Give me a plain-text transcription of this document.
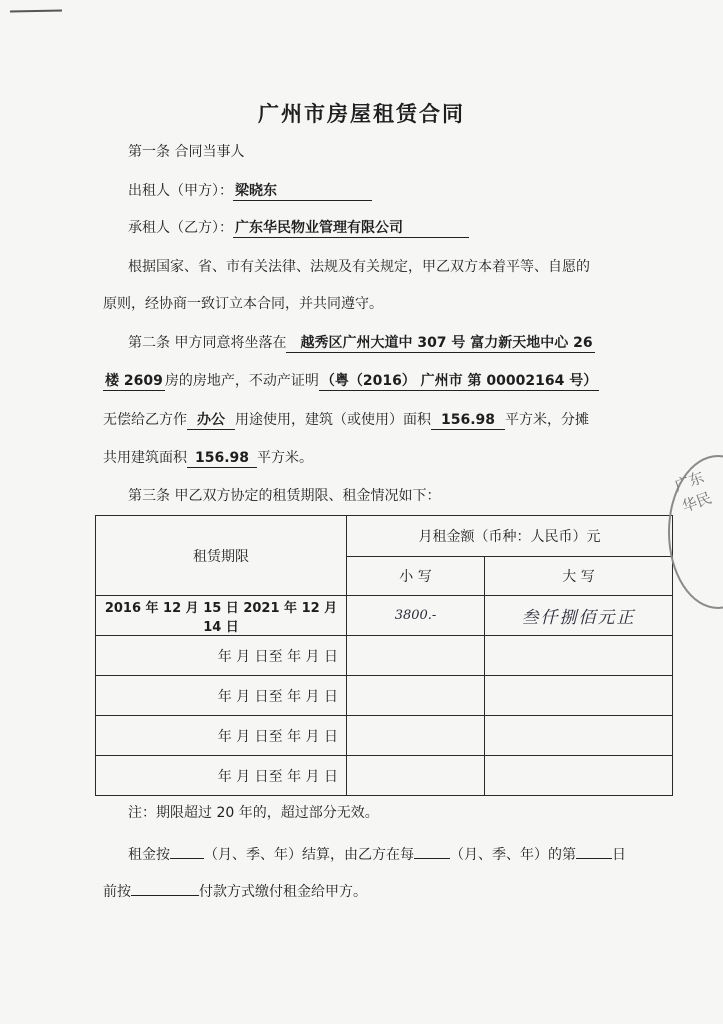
广州市房屋租赁合同
第一条 合同当事人
出租人（甲方）： 梁晓东
承租人（乙方）： 广东华民物业管理有限公司
根据国家、省、市有关法律、法规及有关规定，甲乙双方本着平等、自愿的
原则，经协商一致订立本合同，并共同遵守。
第二条 甲方同意将坐落在 越秀区广州大道中 307 号 富力新天地中心 26
楼 2609 房的房地产，不动产证明 （粤（2016） 广州市 第 00002164 号）
无偿给乙方作 办公 用途使用，建筑（或使用）面积 156.98 平方米，分摊
共用建筑面积 156.98 平方米。
第三条 甲乙双方协定的租赁期限、租金情况如下：
租赁期限	月租金额（币种：人民币）元	
	小 写	大 写
2016 年 12 月 15 日 2021 年 12 月 14 日	3800.-	叁仟捌佰元正
年 月 日至 年 月 日		
年 月 日至 年 月 日		
年 月 日至 年 月 日		
年 月 日至 年 月 日		
注：期限超过 20 年的，超过部分无效。
租金按 （月、季、年）结算，由乙方在每	（月、季、年）的第	日
前按	付款方式缴付租金给甲方。
广东华民
